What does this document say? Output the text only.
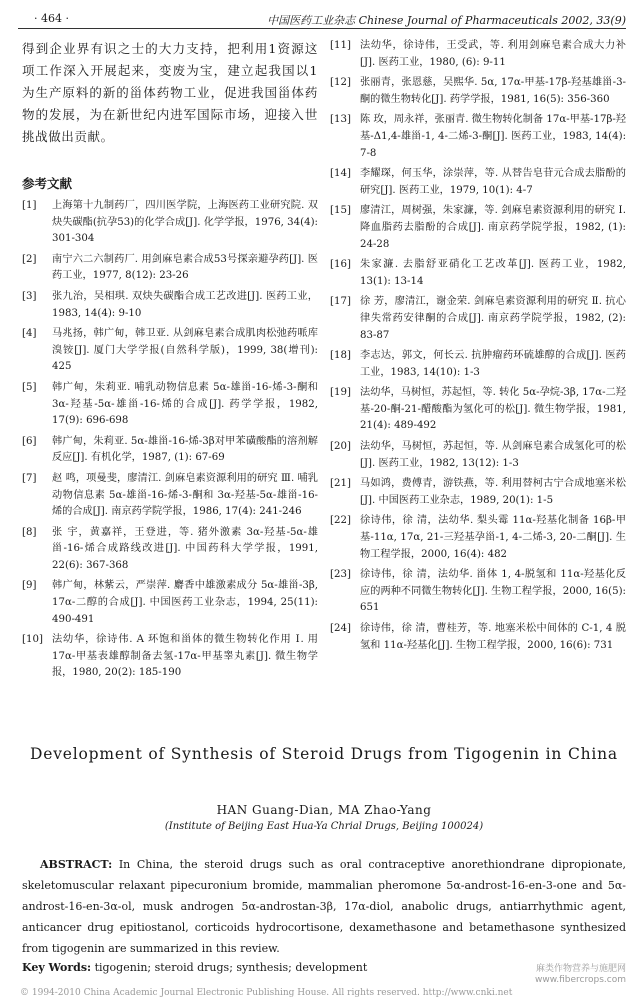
· 464 ·	中国医药工业杂志 Chinese Journal of Pharmaceuticals 2002, 33(9)

得到企业界有识之士的大力支持，把利用1资源这项工作深入开展起来，变废为宝，建立起我国以1为生产原料的新的甾体药物工业，促进我国甾体药物的发展，为在新世纪内进军国际市场，迎接入世挑战做出贡献。

参考文献
[1]	上海第十九制药厂，四川医学院，上海医药工业研究院. 双炔失碳酯(抗孕53)的化学合成[J]. 化学学报，1976, 34(4): 301-304
[2]	南宁六二六制药厂. 用剑麻皂素合成53号探亲避孕药[J]. 医药工业，1977, 8(12): 23-26
[3]	张九治，吴相琪. 双炔失碳酯合成工艺改进[J]. 医药工业，1983, 14(4): 9-10
[4]	马兆扬，韩广甸，韩卫亚. 从剑麻皂素合成肌肉松弛药哌库溴铵[J]. 厦门大学学报(自然科学版)，1999, 38(增刊): 425
[5]	韩广甸，朱莉亚. 哺乳动物信息素 5α-雄甾-16-烯-3-酮和 3α-羟基-5α-雄甾-16-烯的合成[J]. 药学学报，1982, 17(9): 696-698
[6]	韩广甸，朱莉亚. 5α-雄甾-16-烯-3β对甲苯磺酸酯的溶剂解反应[J]. 有机化学，1987, (1): 67-69
[7]	赵 鸣，项曼斐，廖清江. 剑麻皂素资源利用的研究 Ⅲ. 哺乳动物信息素 5α-雄甾-16-烯-3-酮和 3α-羟基-5α-雄甾-16-烯的合成[J]. 南京药学院学报，1986, 17(4): 241-246
[8]	张 宇，黄嘉祥，王登进，等. 猪外激素 3α-羟基-5α-雄甾-16-烯合成路线改进[J]. 中国药科大学学报，1991, 22(6): 367-368
[9]	韩广甸，林紫云，严崇萍. 麝香中雄激素成分 5α-雄甾-3β, 17α-二醇的合成[J]. 中国医药工业杂志，1994, 25(11): 490-491
[10] 法幼华，徐诗伟. A 环饱和甾体的微生物转化作用 Ⅰ. 用 17α-甲基表雄醇制备去氢-17α-甲基睾丸素[J]. 微生物学报，1980, 20(2): 185-190
[11] 法幼华，徐诗伟，王受武，等. 利用剑麻皂素合成大力补[J]. 医药工业，1980, (6): 9-11
[12] 张丽青，张恩慈，吴熙华. 5α, 17α-甲基-17β-羟基雄甾-3-酮的微生物转化[J]. 药学学报，1981, 16(5): 356-360
[13] 陈 玫，周永祥，张丽青. 微生物转化制备 17α-甲基-17β-羟基-Δ1,4-雄甾-1, 4-二烯-3-酮[J]. 医药工业，1983, 14(4): 7-8
[14] 李耀琛，何玉华，涂崇萍，等. 从替告皂苷元合成去脂酚的研究[J]. 医药工业，1979, 10(1): 4-7
[15] 廖清江，周树强，朱家濂，等. 剑麻皂素资源利用的研究 Ⅰ. 降血脂药去脂酚的合成[J]. 南京药学院学报，1982, (1): 24-28
[16] 朱家濂. 去脂舒亚硝化工艺改革[J]. 医药工业，1982, 13(1): 13-14
[17] 徐 芳，廖清江，谢金荣. 剑麻皂素资源利用的研究 Ⅱ. 抗心律失常药安律酮的合成[J]. 南京药学院学报，1982, (2): 83-87
[18] 李志达，郭文，何长云. 抗肿瘤药环硫雄醇的合成[J]. 医药工业，1983, 14(10): 1-3
[19] 法幼华，马树恒，苏起恒，等. 转化 5α-孕烷-3β, 17α-二羟基-20-酮-21-醋酸酯为氢化可的松[J]. 微生物学报，1981, 21(4): 489-492
[20] 法幼华，马树恒，苏起恒，等. 从剑麻皂素合成氢化可的松[J]. 医药工业，1982, 13(12): 1-3
[21] 马如鸿，费傅青，游铁燕，等. 利用替柯古宁合成地塞米松[J]. 中国医药工业杂志，1989, 20(1): 1-5
[22] 徐诗伟，徐 清，法幼华. 梨头霉 11α-羟基化制备 16β-甲基-11α, 17α, 21-三羟基孕甾-1, 4-二烯-3, 20-二酮[J]. 生物工程学报，2000, 16(4): 482
[23] 徐诗伟，徐 清，法幼华. 甾体 1, 4-脱氢和 11α-羟基化反应的两种不同微生物转化[J]. 生物工程学报，2000, 16(5): 651
[24] 徐诗伟，徐 清，曹桂芳，等. 地塞米松中间体的 C-1, 4 脱氢和 11α-羟基化[J]. 生物工程学报，2000, 16(6): 731
Development of Synthesis of Steroid Drugs from Tigogenin in China
HAN Guang-Dian, MA Zhao-Yang
(Institute of Beijing East Hua-Ya Chrial Drugs, Beijing 100024)
ABSTRACT: In China, the steroid drugs such as oral contraceptive anorethiondrane dipropionate, skeletomuscular relaxant pipecuronium bromide, mammalian pheromone 5α-androst-16-en-3-one and 5α-androst-16-en-3α-ol, musk androgen 5α-androstan-3β, 17α-diol, anabolic drugs, antiarrhythmic agent, anticancer drug epitiostanol, corticoids hydrocortisone, dexamethasone and betamethasone synthesized from tigogenin are summarized in this review.
Key Words: tigogenin; steroid drugs; synthesis; development
© 1994-2010 China Academic Journal Electronic Publishing House. All rights reserved. http://www.cnki.net
麻类作物营养与施肥网
www.fibercrops.com
